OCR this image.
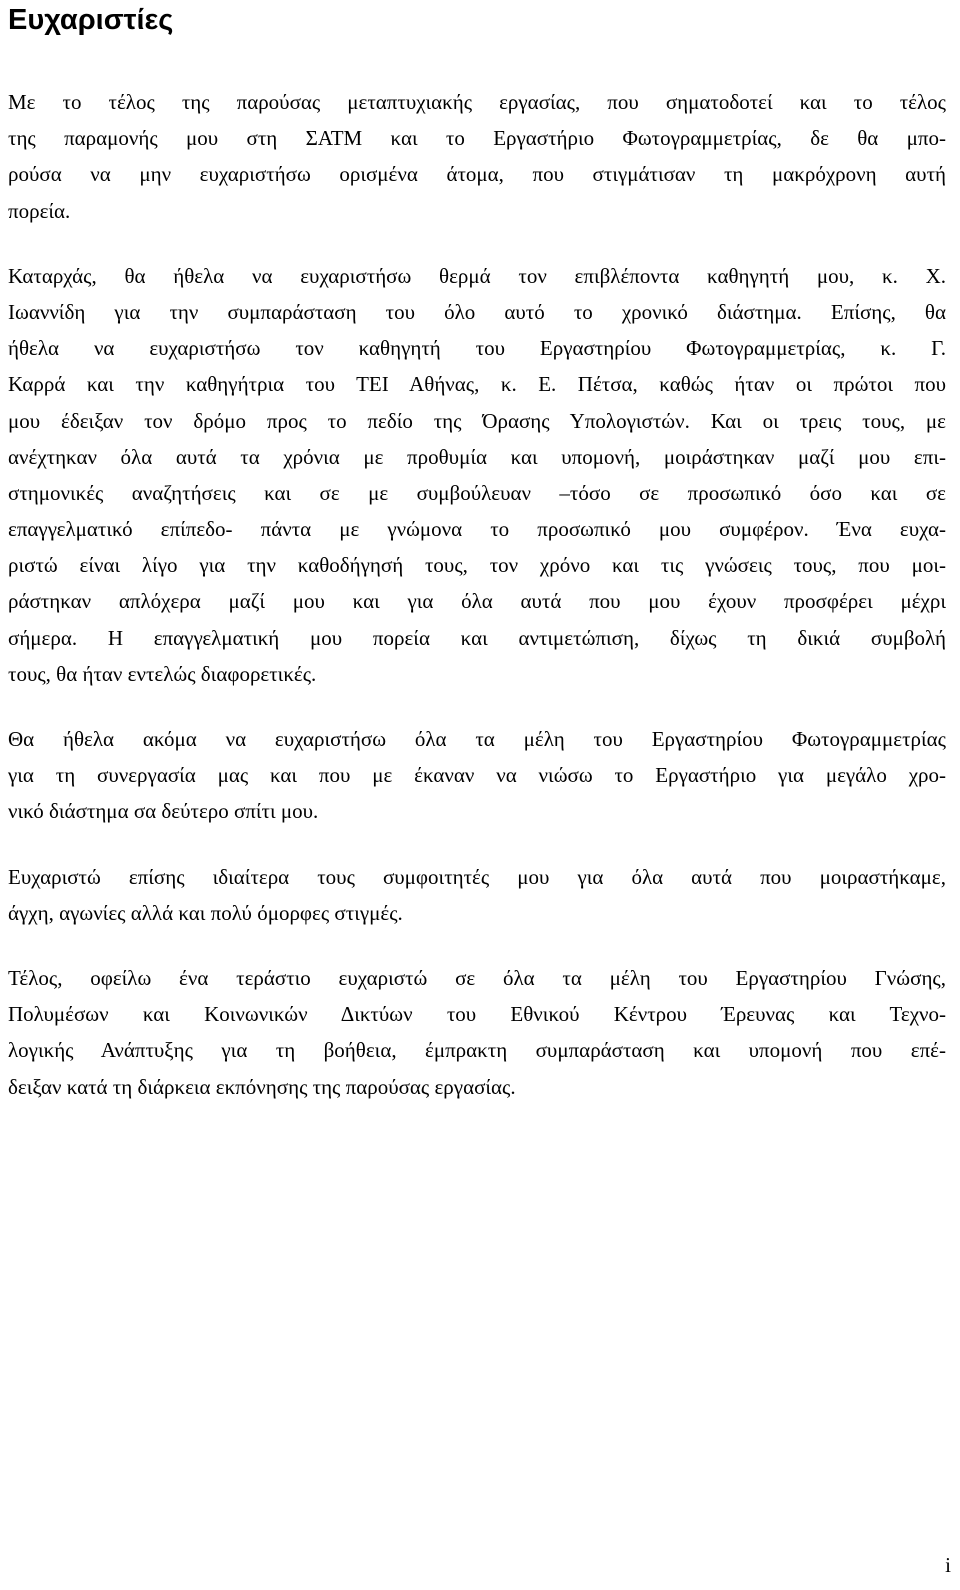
Ευχαριστίες

Με το τέλος της παρούσας μεταπτυχιακής εργασίας, που σηματοδοτεί και το τέλος
της παραμονής μου στη ΣΑΤΜ και το Εργαστήριο Φωτογραμμετρίας, δε θα μπο-
ρούσα να μην ευχαριστήσω ορισμένα άτομα, που στιγμάτισαν τη μακρόχρονη αυτή
πορεία.

Καταρχάς, θα ήθελα να ευχαριστήσω θερμά τον επιβλέποντα καθηγητή μου, κ. Χ.
Ιωαννίδη για την συμπαράσταση του όλο αυτό το χρονικό διάστημα. Επίσης, θα
ήθελα να ευχαριστήσω τον καθηγητή του Εργαστηρίου Φωτογραμμετρίας, κ. Γ.
Καρρά και την καθηγήτρια του ΤΕΙ Αθήνας, κ. Ε. Πέτσα, καθώς ήταν οι πρώτοι που
μου έδειξαν τον δρόμο προς το πεδίο της Όρασης Υπολογιστών. Και οι τρεις τους, με
ανέχτηκαν όλα αυτά τα χρόνια με προθυμία και υπομονή, μοιράστηκαν μαζί μου επι-
στημονικές αναζητήσεις και σε με συμβούλευαν –τόσο σε προσωπικό όσο και σε
επαγγελματικό επίπεδο- πάντα με γνώμονα το προσωπικό μου συμφέρον. Ένα ευχα-
ριστώ είναι λίγο για την καθοδήγησή τους, τον χρόνο και τις γνώσεις τους, που μοι-
ράστηκαν απλόχερα μαζί μου και για όλα αυτά που μου έχουν προσφέρει μέχρι
σήμερα. Η επαγγελματική μου πορεία και αντιμετώπιση, δίχως τη δικιά συμβολή
τους, θα ήταν εντελώς διαφορετικές.

Θα ήθελα ακόμα να ευχαριστήσω όλα τα μέλη του Εργαστηρίου Φωτογραμμετρίας
για τη συνεργασία μας και που με έκαναν να νιώσω το Εργαστήριο για μεγάλο χρο-
νικό διάστημα σα δεύτερο σπίτι μου.

Ευχαριστώ επίσης ιδιαίτερα τους συμφοιτητές μου για όλα αυτά που μοιραστήκαμε,
άγχη, αγωνίες αλλά και πολύ όμορφες στιγμές.

Τέλος, οφείλω ένα τεράστιο ευχαριστώ σε όλα τα μέλη του Εργαστηρίου Γνώσης,
Πολυμέσων και Κοινωνικών Δικτύων του Εθνικού Κέντρου Έρευνας και Τεχνο-
λογικής Ανάπτυξης για τη βοήθεια, έμπρακτη συμπαράσταση και υπομονή που επέ-
δειξαν κατά τη διάρκεια εκπόνησης της παρούσας εργασίας.

i
